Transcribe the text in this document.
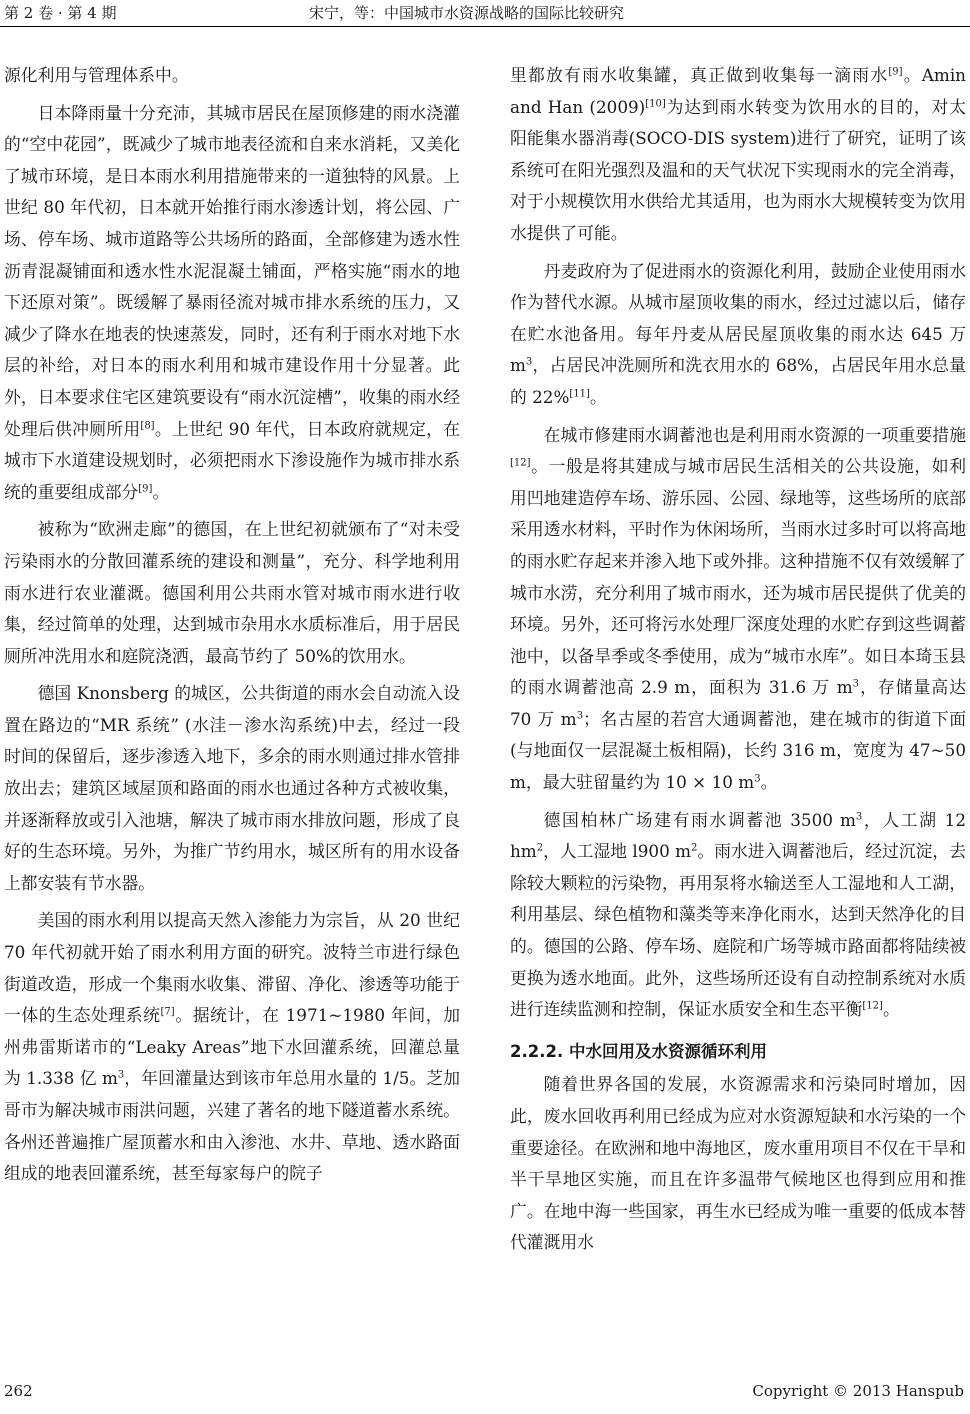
第 2 卷 · 第 4 期	宋宁，等：中国城市水资源战略的国际比较研究

源化利用与管理体系中。

日本降雨量十分充沛，其城市居民在屋顶修建的雨水浇灌的“空中花园”，既减少了城市地表径流和自来水消耗，又美化了城市环境，是日本雨水利用措施带来的一道独特的风景。上世纪 80 年代初，日本就开始推行雨水渗透计划，将公园、广场、停车场、城市道路等公共场所的路面，全部修建为透水性沥青混凝铺面和透水性水泥混凝土铺面，严格实施“雨水的地下还原对策”。既缓解了暴雨径流对城市排水系统的压力，又减少了降水在地表的快速蒸发，同时，还有利于雨水对地下水层的补给，对日本的雨水利用和城市建设作用十分显著。此外，日本要求住宅区建筑要设有“雨水沉淀槽”，收集的雨水经处理后供冲厕所用[8]。上世纪 90 年代，日本政府就规定，在城市下水道建设规划时，必须把雨水下渗设施作为城市排水系统的重要组成部分[9]。

被称为“欧洲走廊”的德国，在上世纪初就颁布了“对未受污染雨水的分散回灌系统的建设和测量”，充分、科学地利用雨水进行农业灌溉。德国利用公共雨水管对城市雨水进行收集，经过简单的处理，达到城市杂用水水质标准后，用于居民厕所冲洗用水和庭院浇洒，最高节约了 50%的饮用水。

德国 Knonsberg 的城区，公共街道的雨水会自动流入设置在路边的“MR 系统” (水洼－渗水沟系统)中去，经过一段时间的保留后，逐步渗透入地下，多余的雨水则通过排水管排放出去；建筑区域屋顶和路面的雨水也通过各种方式被收集，并逐渐释放或引入池塘，解决了城市雨水排放问题，形成了良好的生态环境。另外，为推广节约用水，城区所有的用水设备上都安装有节水器。

美国的雨水利用以提高天然入渗能力为宗旨，从 20 世纪 70 年代初就开始了雨水利用方面的研究。波特兰市进行绿色街道改造，形成一个集雨水收集、滞留、净化、渗透等功能于一体的生态处理系统[7]。据统计，在 1971~1980 年间，加州弗雷斯诺市的“Leaky Areas”地下水回灌系统，回灌总量为 1.338 亿 $m^3$，年回灌量达到该市年总用水量的 1/5。芝加哥市为解决城市雨洪问题，兴建了著名的地下隧道蓄水系统。各州还普遍推广屋顶蓄水和由入渗池、水井、草地、透水路面组成的地表回灌系统，甚至每家每户的院子

里都放有雨水收集罐，真正做到收集每一滴雨水[9]。Amin and Han (2009)[10]为达到雨水转变为饮用水的目的，对太阳能集水器消毒(SOCO-DIS system)进行了研究，证明了该系统可在阳光强烈及温和的天气状况下实现雨水的完全消毒，对于小规模饮用水供给尤其适用，也为雨水大规模转变为饮用水提供了可能。

丹麦政府为了促进雨水的资源化利用，鼓励企业使用雨水作为替代水源。从城市屋顶收集的雨水，经过过滤以后，储存在贮水池备用。每年丹麦从居民屋顶收集的雨水达 645 万 $m^3$，占居民冲洗厕所和洗衣用水的 68%，占居民年用水总量的 22%[11]。

在城市修建雨水调蓄池也是利用雨水资源的一项重要措施[12]。一般是将其建成与城市居民生活相关的公共设施，如利用凹地建造停车场、游乐园、公园、绿地等，这些场所的底部采用透水材料，平时作为休闲场所，当雨水过多时可以将高地的雨水贮存起来并渗入地下或外排。这种措施不仅有效缓解了城市水涝，充分利用了城市雨水，还为城市居民提供了优美的环境。另外，还可将污水处理厂深度处理的水贮存到这些调蓄池中，以备旱季或冬季使用，成为“城市水库”。如日本琦玉县的雨水调蓄池高 2.9 m，面积为 31.6 万 $m^3$，存储量高达 70 万 $m^3$；名古屋的若宫大通调蓄池，建在城市的街道下面(与地面仅一层混凝土板相隔)，长约 316 m，宽度为 47~50 m，最大驻留量约为 10 × 10 $m^3$。

德国柏林广场建有雨水调蓄池 3500 $m^3$，人工湖 12 $hm^2$，人工湿地 l900 $m^2$。雨水进入调蓄池后，经过沉淀，去除较大颗粒的污染物，再用泵将水输送至人工湿地和人工湖，利用基层、绿色植物和藻类等来净化雨水，达到天然净化的目的。德国的公路、停车场、庭院和广场等城市路面都将陆续被更换为透水地面。此外，这些场所还设有自动控制系统对水质进行连续监测和控制，保证水质安全和生态平衡[12]。

2.2.2. 中水回用及水资源循环利用

随着世界各国的发展，水资源需求和污染同时增加，因此，废水回收再利用已经成为应对水资源短缺和水污染的一个重要途径。在欧洲和地中海地区，废水重用项目不仅在干旱和半干旱地区实施，而且在许多温带气候地区也得到应用和推广。在地中海一些国家，再生水已经成为唯一重要的低成本替代灌溉用水

262	Copyright © 2013 Hanspub
